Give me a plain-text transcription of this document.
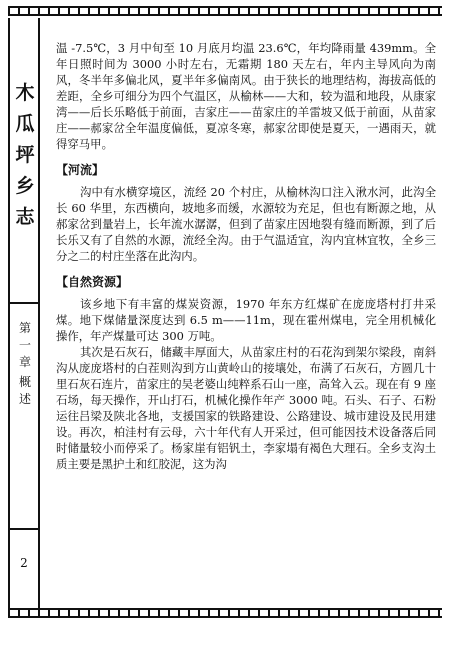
木瓜坪乡志
第一章
概述
2

温 -7.5℃，3 月中旬至 10 月底月均温 23.6℃，年均降雨量 439mm。全年日照时间为 3000 小时左右，无霜期 180 天左右，年内主导风向为南风，冬半年多偏北风，夏半年多偏南风。由于狭长的地理结构，海拔高低的差距，全乡可细分为四个气温区，从榆林——大和，较为温和地段，从康家湾——后长乐略低于前面，吉家庄——苗家庄的羊雷坡又低于前面，从苗家庄——郝家岔全年温度偏低，夏凉冬寒，郝家岔即使是夏天，一遇雨天，就得穿马甲。

【河流】

沟中有水横穿境区，流经 20 个村庄，从榆林沟口注入湫水河，此沟全长 60 华里，东西横向，坡地多而缓，水源较为充足，但也有断源之地，从郝家岔到量岩上，长年流水潺潺，但到了苗家庄因地裂有缝而断源，到了后长乐又有了自然的水源，流经全沟。由于气温适宜，沟内宜林宜牧，全乡三分之二的村庄坐落在此沟内。

【自然资源】

该乡地下有丰富的煤炭资源，1970 年东方红煤矿在庞庞塔村打井采煤。地下煤储量深度达到 6.5 m——11m，现在霍州煤电，完全用机械化操作，年产煤量可达 300 万吨。

其次是石灰石，储藏丰厚面大，从苗家庄村的石花沟到架尔梁段，南斜沟从庞庞塔村的白茬则沟到方山黄岭山的接壤处，布满了石灰石，方圆几十里石灰石连片，苗家庄的吴老婆山纯粹系石山一座，高耸入云。现在有 9 座石场，每天操作，开山打石，机械化操作年产 3000 吨。石头、石子、石粉运往吕梁及陕北各地，支援国家的铁路建设、公路建设、城市建设及民用建设。再次，柏洼村有云母，六十年代有人开采过，但可能因技术设备落后同时储量较小而停采了。杨家崖有铝钒土，李家塌有褐色大理石。全乡支沟土质主要是黑护土和红胶泥，这为沟
